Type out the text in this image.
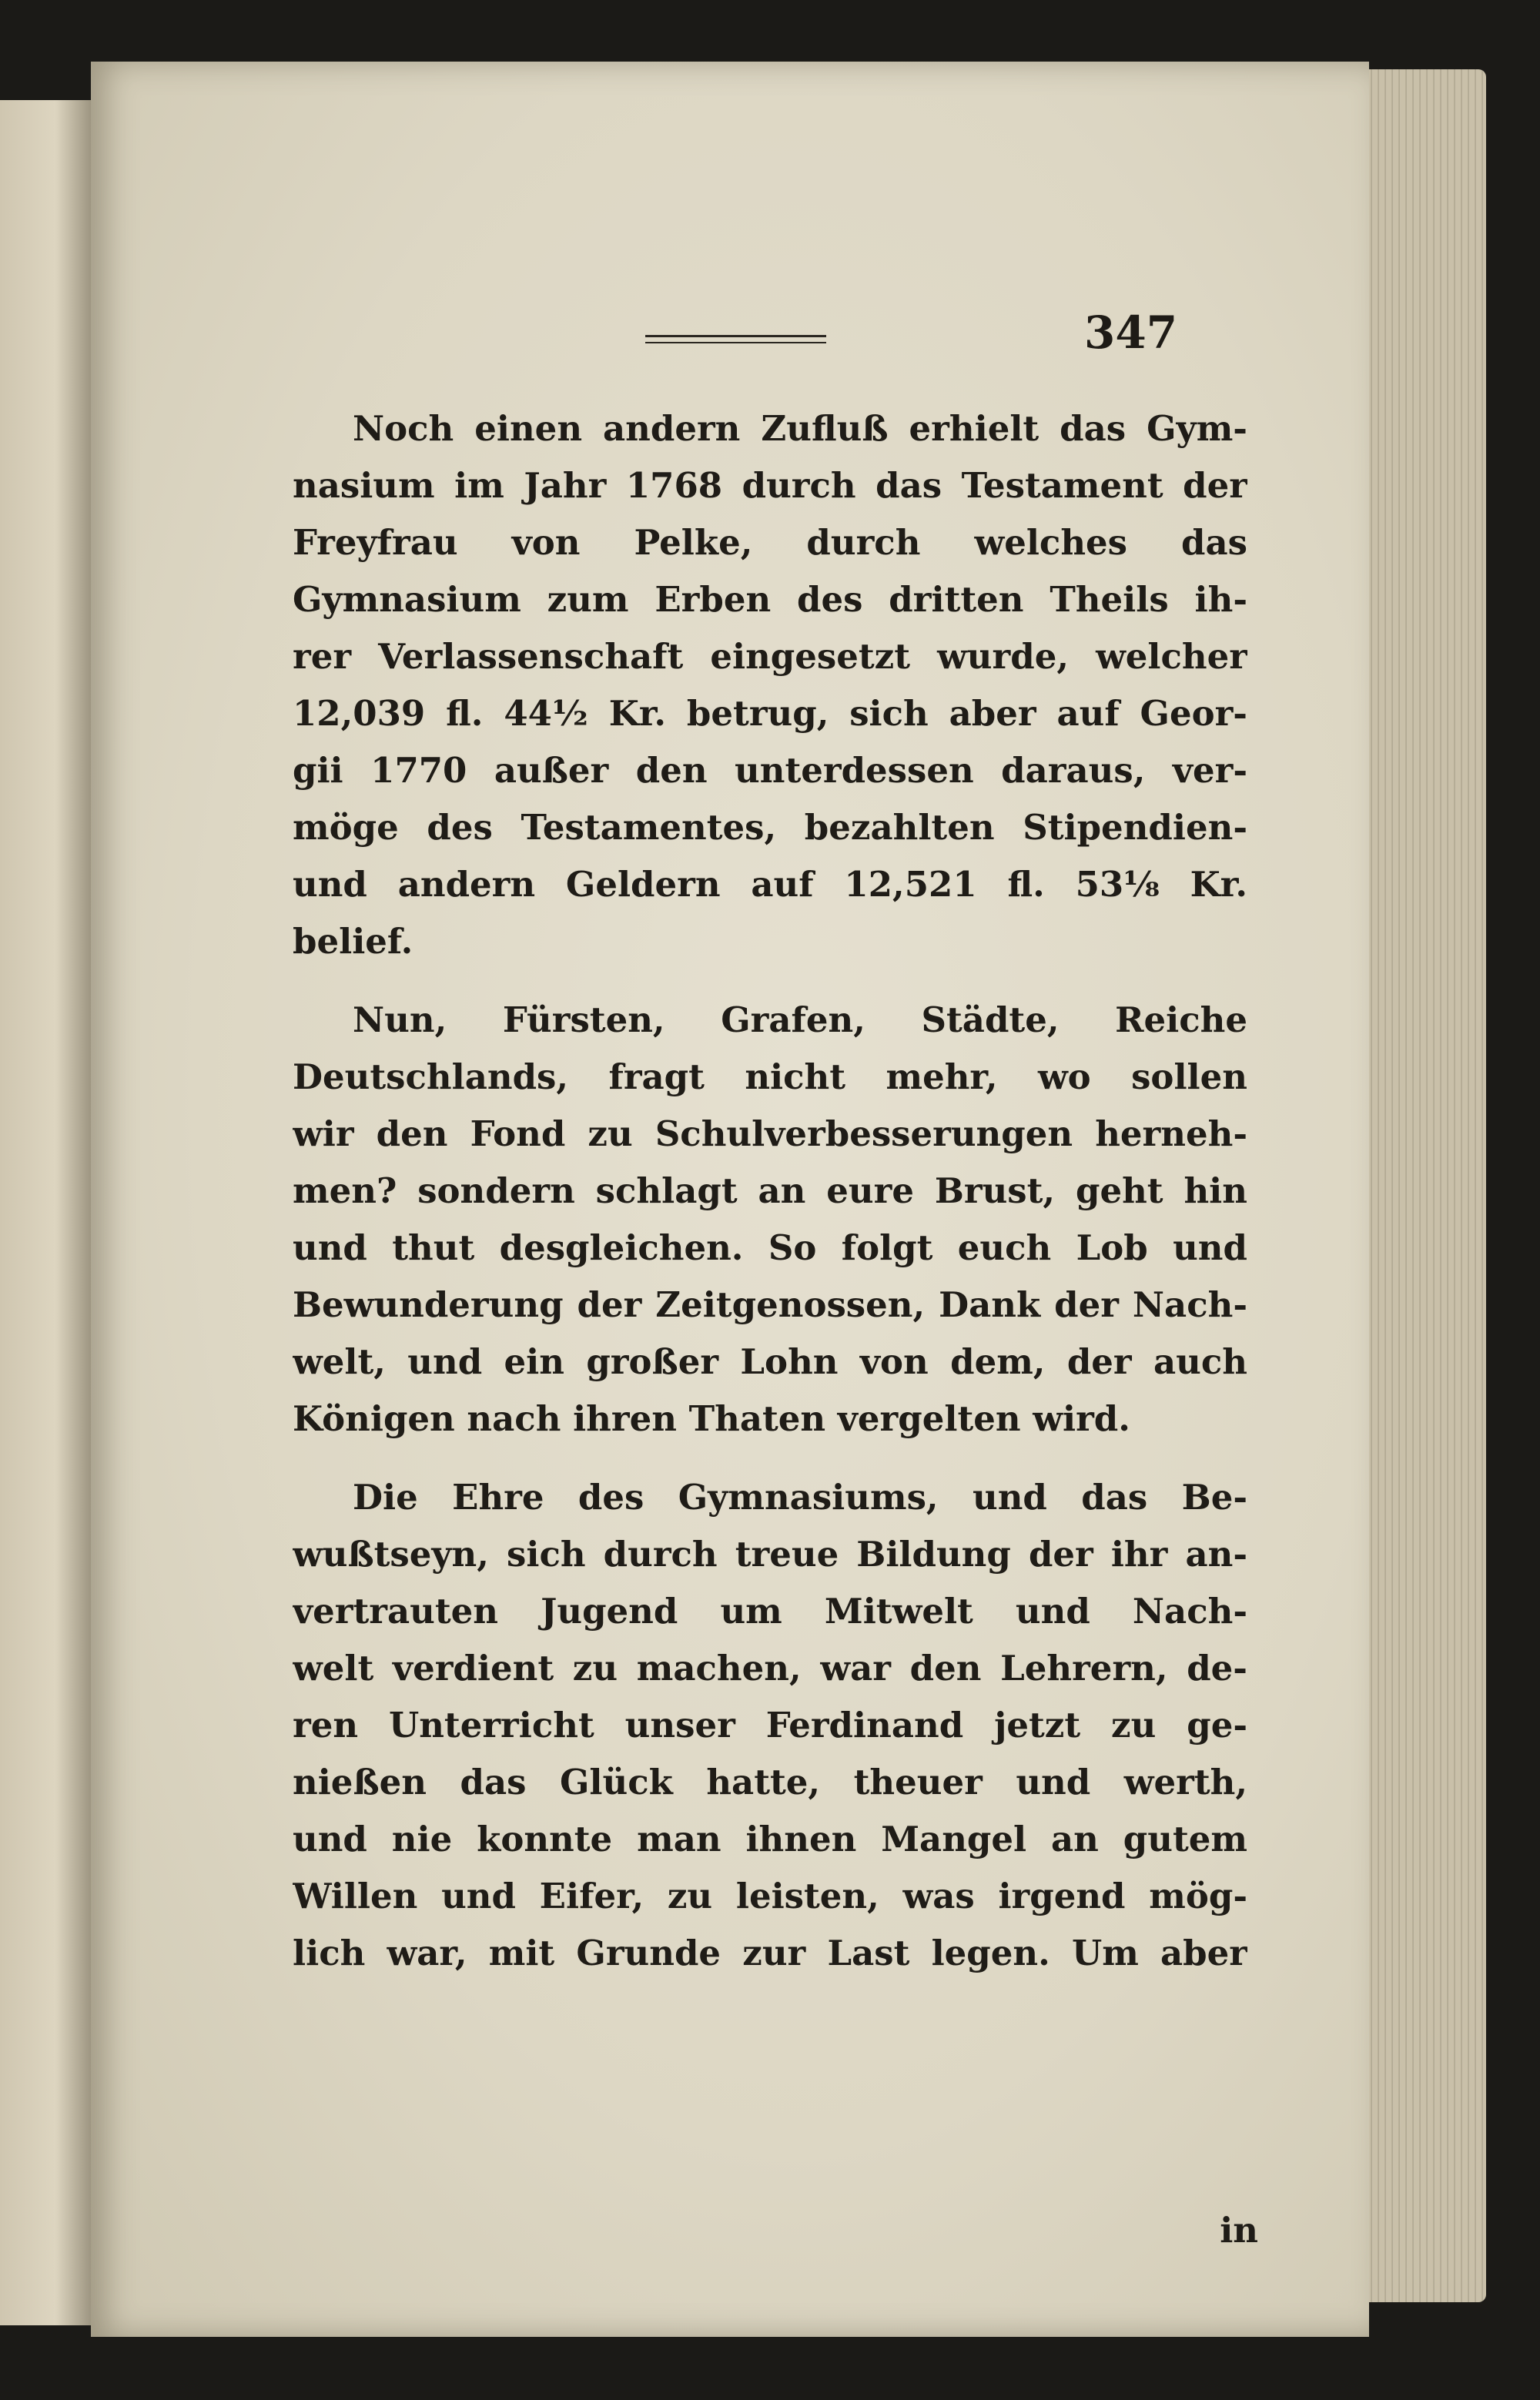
347
Noch einen andern Zufluß erhielt das Gym-
nasium im Jahr 1768 durch das Testament der
Freyfrau von Pelke, durch welches das
Gymnasium zum Erben des dritten Theils ih-
rer Verlassenschaft eingesetzt wurde, welcher
12,039 fl. 44½ Kr. betrug, sich aber auf Geor-
gii 1770 außer den unterdessen daraus, ver-
möge des Testamentes, bezahlten Stipendien-
und andern Geldern auf 12,521 fl. 53⅛ Kr.
belief.
Nun, Fürsten, Grafen, Städte, Reiche
Deutschlands, fragt nicht mehr, wo sollen
wir den Fond zu Schulverbesserungen herneh-
men? sondern schlagt an eure Brust, geht hin
und thut desgleichen. So folgt euch Lob und
Bewunderung der Zeitgenossen, Dank der Nach-
welt, und ein großer Lohn von dem, der auch
Königen nach ihren Thaten vergelten wird.
Die Ehre des Gymnasiums, und das Be-
wußtseyn, sich durch treue Bildung der ihr an-
vertrauten Jugend um Mitwelt und Nach-
welt verdient zu machen, war den Lehrern, de-
ren Unterricht unser Ferdinand jetzt zu ge-
nießen das Glück hatte, theuer und werth,
und nie konnte man ihnen Mangel an gutem
Willen und Eifer, zu leisten, was irgend mög-
lich war, mit Grunde zur Last legen. Um aber
in
